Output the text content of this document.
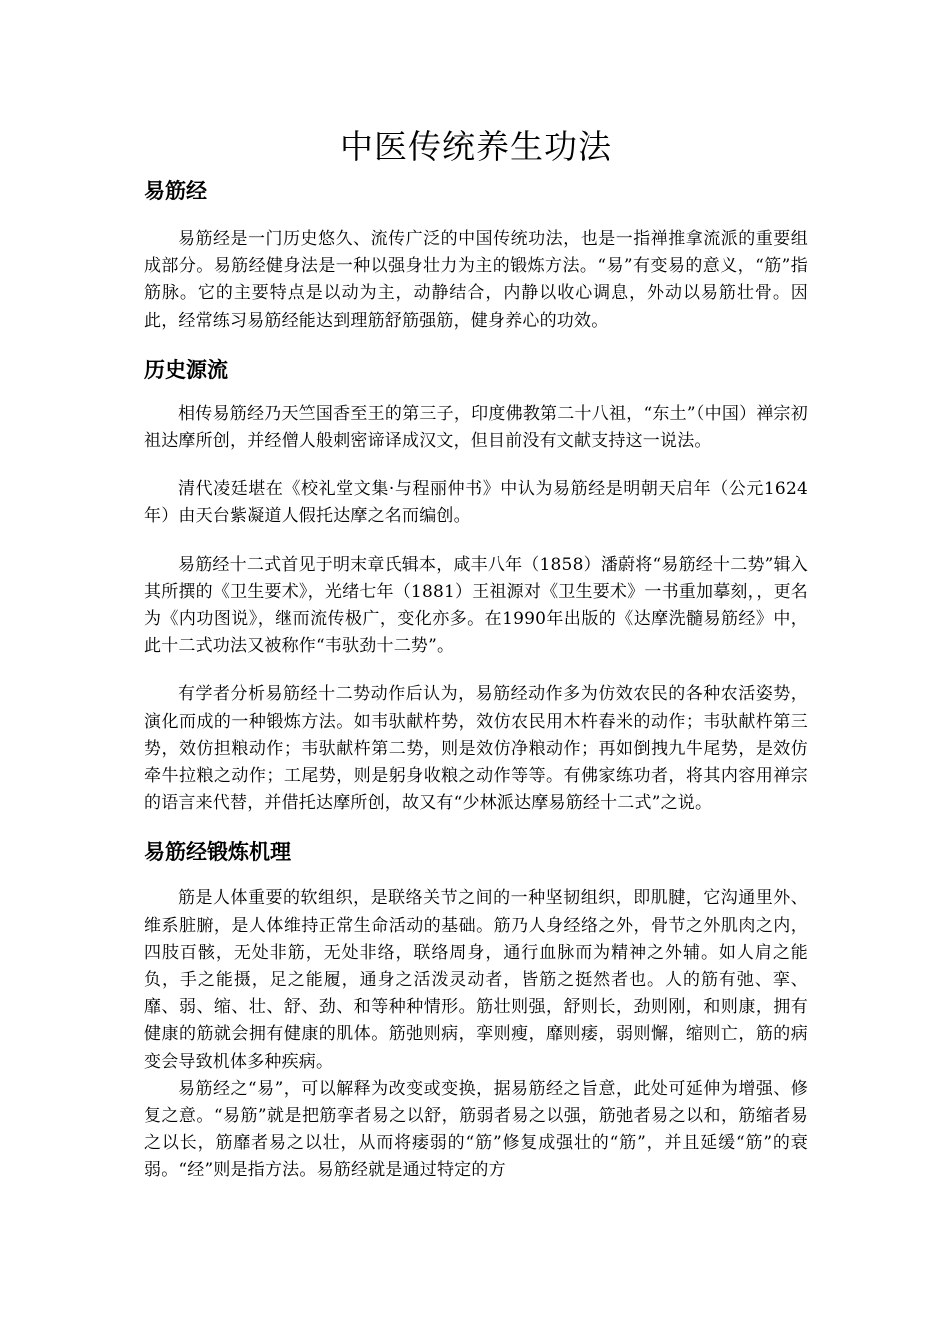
中医传统养生功法
易筋经

易筋经是一门历史悠久、流传广泛的中国传统功法，也是一指禅推拿流派的重要组成部分。易筋经健身法是一种以强身壮力为主的锻炼方法。“易”有变易的意义，“筋”指筋脉。它的主要特点是以动为主，动静结合，内静以收心调息，外动以易筋壮骨。因此，经常练习易筋经能达到理筋舒筋强筋，健身养心的功效。

历史源流

相传易筋经乃天竺国香至王的第三子，印度佛教第二十八祖，“东土”（中国）禅宗初祖达摩所创，并经僧人般刺密谛译成汉文，但目前没有文献支持这一说法。

清代凌廷堪在《校礼堂文集·与程丽仲书》中认为易筋经是明朝天启年（公元1624年）由天台紫凝道人假托达摩之名而编创。

易筋经十二式首见于明末章氏辑本，咸丰八年（1858）潘蔚将“易筋经十二势”辑入其所撰的《卫生要术》，光绪七年（1881）王祖源对《卫生要术》一书重加摹刻，，更名为《内功图说》，继而流传极广，变化亦多。在1990年出版的《达摩洗髓易筋经》中，此十二式功法又被称作“韦驮劲十二势”。

有学者分析易筋经十二势动作后认为，易筋经动作多为仿效农民的各种农活姿势，演化而成的一种锻炼方法。如韦驮献杵势，效仿农民用木杵舂米的动作；韦驮献杵第三势，效仿担粮动作；韦驮献杵第二势，则是效仿净粮动作；再如倒拽九牛尾势，是效仿牵牛拉粮之动作；工尾势，则是躬身收粮之动作等等。有佛家练功者，将其内容用禅宗的语言来代替，并借托达摩所创，故又有“少林派达摩易筋经十二式”之说。

易筋经锻炼机理

筋是人体重要的软组织，是联络关节之间的一种坚韧组织，即肌腱，它沟通里外、维系脏腑，是人体维持正常生命活动的基础。筋乃人身经络之外，骨节之外肌肉之内，四肢百骸，无处非筋，无处非络，联络周身，通行血脉而为精神之外辅。如人肩之能负，手之能摄，足之能履，通身之活泼灵动者，皆筋之挺然者也。人的筋有弛、挛、靡、弱、缩、壮、舒、劲、和等种种情形。筋壮则强，舒则长，劲则刚，和则康，拥有健康的筋就会拥有健康的肌体。筋弛则病，挛则瘦，靡则痿，弱则懈，缩则亡，筋的病变会导致机体多种疾病。

易筋经之“易”，可以解释为改变或变换，据易筋经之旨意，此处可延伸为增强、修复之意。“易筋”就是把筋挛者易之以舒，筋弱者易之以强，筋弛者易之以和，筋缩者易之以长，筋靡者易之以壮，从而将痿弱的“筋”修复成强壮的“筋”，并且延缓“筋”的衰弱。“经”则是指方法。易筋经就是通过特定的方
